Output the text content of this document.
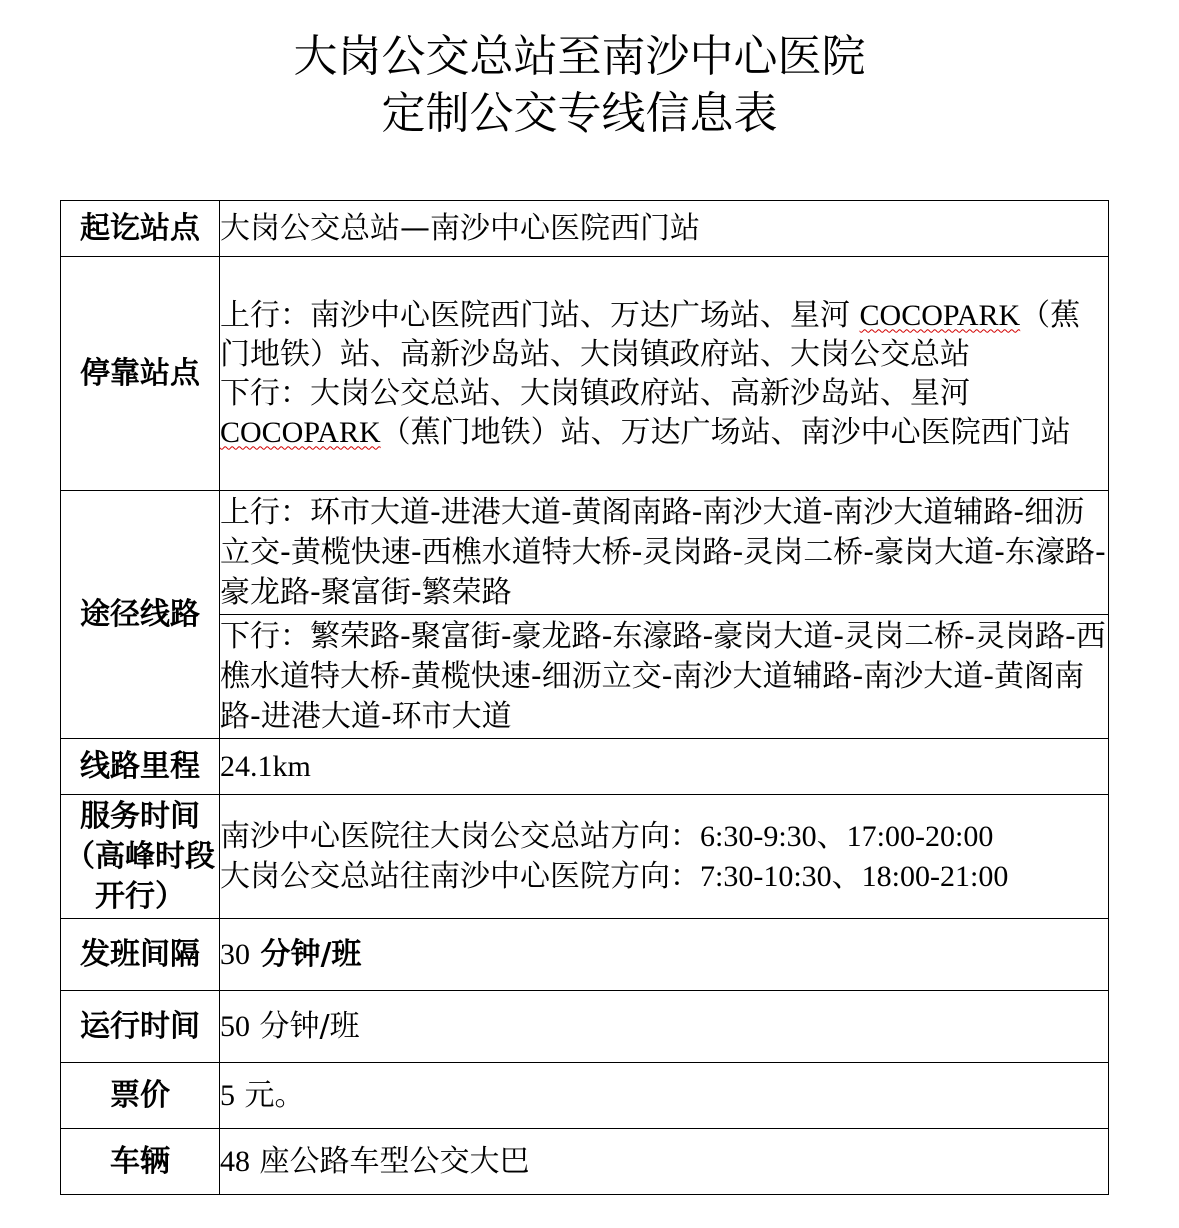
大岗公交总站至南沙中心医院
定制公交专线信息表
起讫站点	大岗公交总站—南沙中心医院西门站
停靠站点	上行：南沙中心医院西门站、万达广场站、星河 COCOPARK（蕉门地铁）站、高新沙岛站、大岗镇政府站、大岗公交总站
下行：大岗公交总站、大岗镇政府站、高新沙岛站、星河 COCOPARK（蕉门地铁）站、万达广场站、南沙中心医院西门站

途径线路	上行：环市大道-进港大道-黄阁南路-南沙大道-南沙大道辅路-细沥立交-黄榄快速-西樵水道特大桥-灵岗路-灵岗二桥-豪岗大道-东濠路-豪龙路-聚富街-繁荣路
	下行：繁荣路-聚富街-豪龙路-东濠路-豪岗大道-灵岗二桥-灵岗路-西樵水道特大桥-黄榄快速-细沥立交-南沙大道辅路-南沙大道-黄阁南路-进港大道-环市大道
线路里程	24.1km
服务时间（高峰时段开行）	南沙中心医院往大岗公交总站方向：6:30-9:30、17:00-20:00
大岗公交总站往南沙中心医院方向：7:30-10:30、18:00-21:00

发班间隔	30 分钟/班
运行时间	50 分钟/班
票价	5 元。
车辆	48 座公路车型公交大巴
